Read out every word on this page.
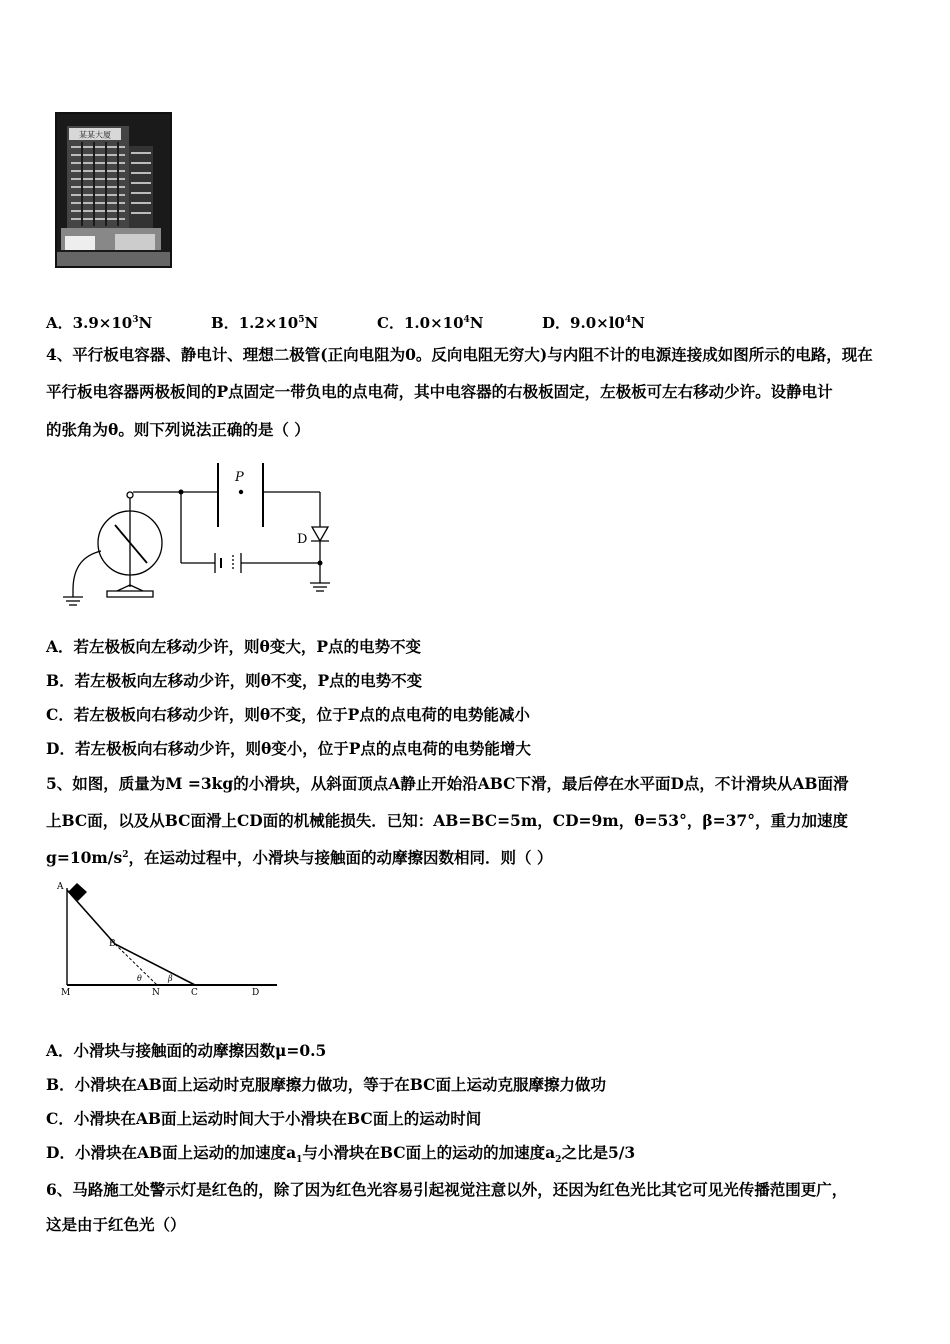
某某大厦
A．$3.9\times 10^3N$	B．$1.2\times 10^5N$	C．$1.0\times 10^4N$	D．$9.0\times l0^4N$
4、平行板电容器、静电计、理想二极管(正向电阻为0。反向电阻无穷大)与内阻不计的电源连接成如图所示的电路，现在
平行板电容器两极板间的P点固定一带负电的点电荷，其中电容器的右极板固定，左极板可左右移动少许。设静电计
的张角为θ。则下列说法正确的是（ ）
P
D
A．若左极板向左移动少许，则θ变大，P点的电势不变
B．若左极板向左移动少许，则θ不变，P点的电势不变
C．若左极板向右移动少许，则θ不变，位于P点的点电荷的电势能减小
D．若左极板向右移动少许，则θ变小，位于P点的点电荷的电势能增大
5、如图，质量为M =3kg的小滑块，从斜面顶点A静止开始沿ABC下滑，最后停在水平面D点，不计滑块从AB面滑
上BC面，以及从BC面滑上CD面的机械能损失．已知：AB=BC=5m，CD=9m，θ=53°，β=37°，重力加速度
$g=10m/s^2$，在运动过程中，小滑块与接触面的动摩擦因数相同．则（ ）
A
B
M	N	C	D
θ	β
A．小滑块与接触面的动摩擦因数μ=0.5
B．小滑块在AB面上运动时克服摩擦力做功，等于在BC面上运动克服摩擦力做功
C．小滑块在AB面上运动时间大于小滑块在BC面上的运动时间
D．小滑块在AB面上运动的加速度$a_1$与小滑块在BC面上的运动的加速度$a_2$之比是5/3
6、马路施工处警示灯是红色的，除了因为红色光容易引起视觉注意以外，还因为红色光比其它可见光传播范围更广，
这是由于红色光（）
